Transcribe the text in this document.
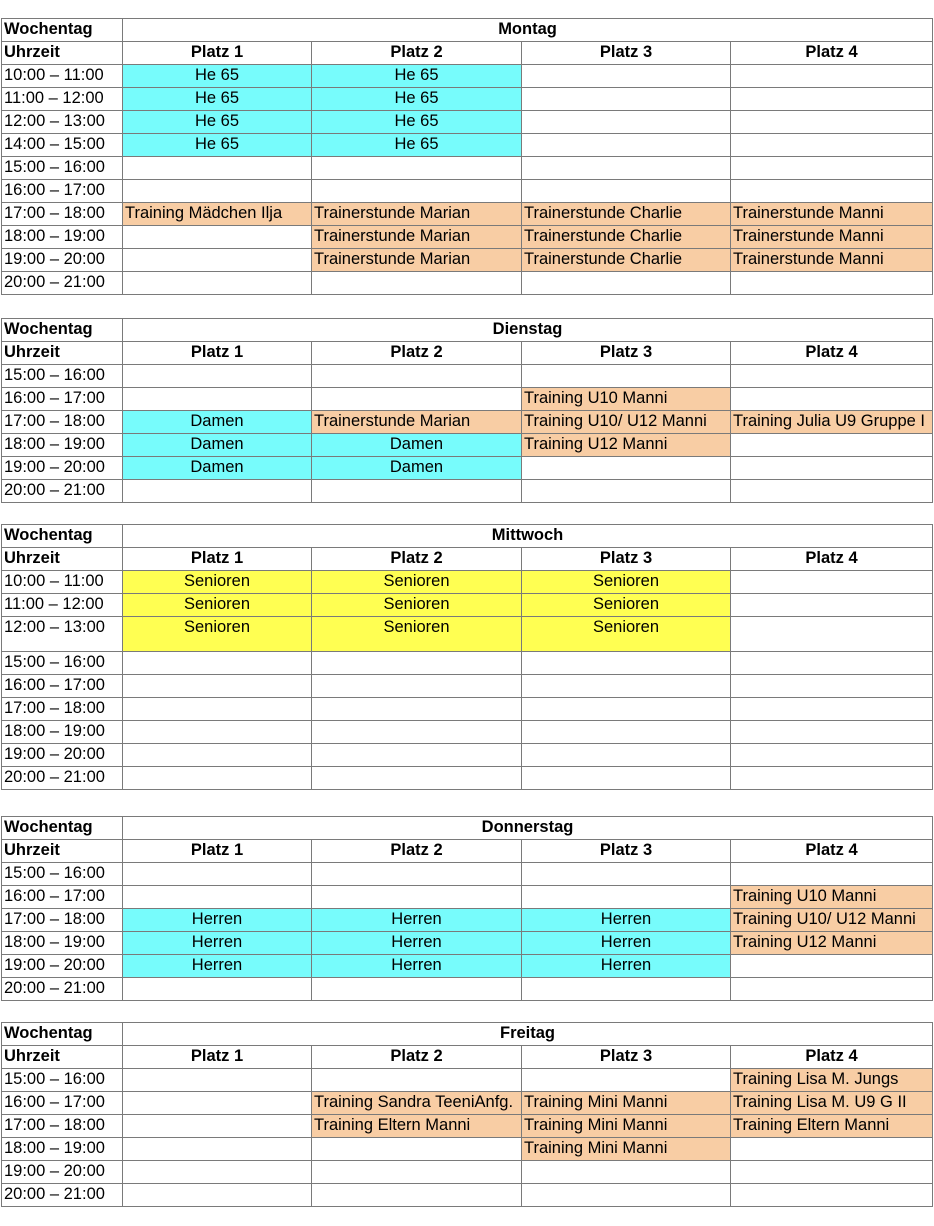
Wochentag	Montag			
Uhrzeit	Platz 1	Platz 2	Platz 3	Platz 4
10:00 – 11:00	He 65	He 65		
11:00 – 12:00	He 65	He 65		
12:00 – 13:00	He 65	He 65		
14:00 – 15:00	He 65	He 65		
15:00 – 16:00				
16:00 – 17:00				
17:00 – 18:00	Training Mädchen Ilja	Trainerstunde Marian	Trainerstunde Charlie	Trainerstunde Manni
18:00 – 19:00		Trainerstunde Marian	Trainerstunde Charlie	Trainerstunde Manni
19:00 – 20:00		Trainerstunde Marian	Trainerstunde Charlie	Trainerstunde Manni
20:00 – 21:00				
Wochentag	Dienstag			
Uhrzeit	Platz 1	Platz 2	Platz 3	Platz 4
15:00 – 16:00				
16:00 – 17:00			Training U10 Manni	
17:00 – 18:00	Damen	Trainerstunde Marian	Training U10/ U12 Manni	Training Julia U9 Gruppe I
18:00 – 19:00	Damen	Damen	Training U12 Manni	
19:00 – 20:00	Damen	Damen		
20:00 – 21:00				
Wochentag	Mittwoch			
Uhrzeit	Platz 1	Platz 2	Platz 3	Platz 4
10:00 – 11:00	Senioren	Senioren	Senioren	
11:00 – 12:00	Senioren	Senioren	Senioren	
12:00 – 13:00	Senioren	Senioren	Senioren	
15:00 – 16:00				
16:00 – 17:00				
17:00 – 18:00				
18:00 – 19:00				
19:00 – 20:00				
20:00 – 21:00				
Wochentag	Donnerstag			
Uhrzeit	Platz 1	Platz 2	Platz 3	Platz 4
15:00 – 16:00				
16:00 – 17:00				Training U10 Manni
17:00 – 18:00	Herren	Herren	Herren	Training U10/ U12 Manni
18:00 – 19:00	Herren	Herren	Herren	Training U12 Manni
19:00 – 20:00	Herren	Herren	Herren	
20:00 – 21:00				
Wochentag	Freitag			
Uhrzeit	Platz 1	Platz 2	Platz 3	Platz 4
15:00 – 16:00				Training Lisa M. Jungs
16:00 – 17:00		Training Sandra TeeniAnfg.	Training Mini Manni	Training Lisa M. U9 G II
17:00 – 18:00		Training Eltern Manni	Training Mini Manni	Training Eltern Manni
18:00 – 19:00			Training Mini Manni	
19:00 – 20:00				
20:00 – 21:00				
